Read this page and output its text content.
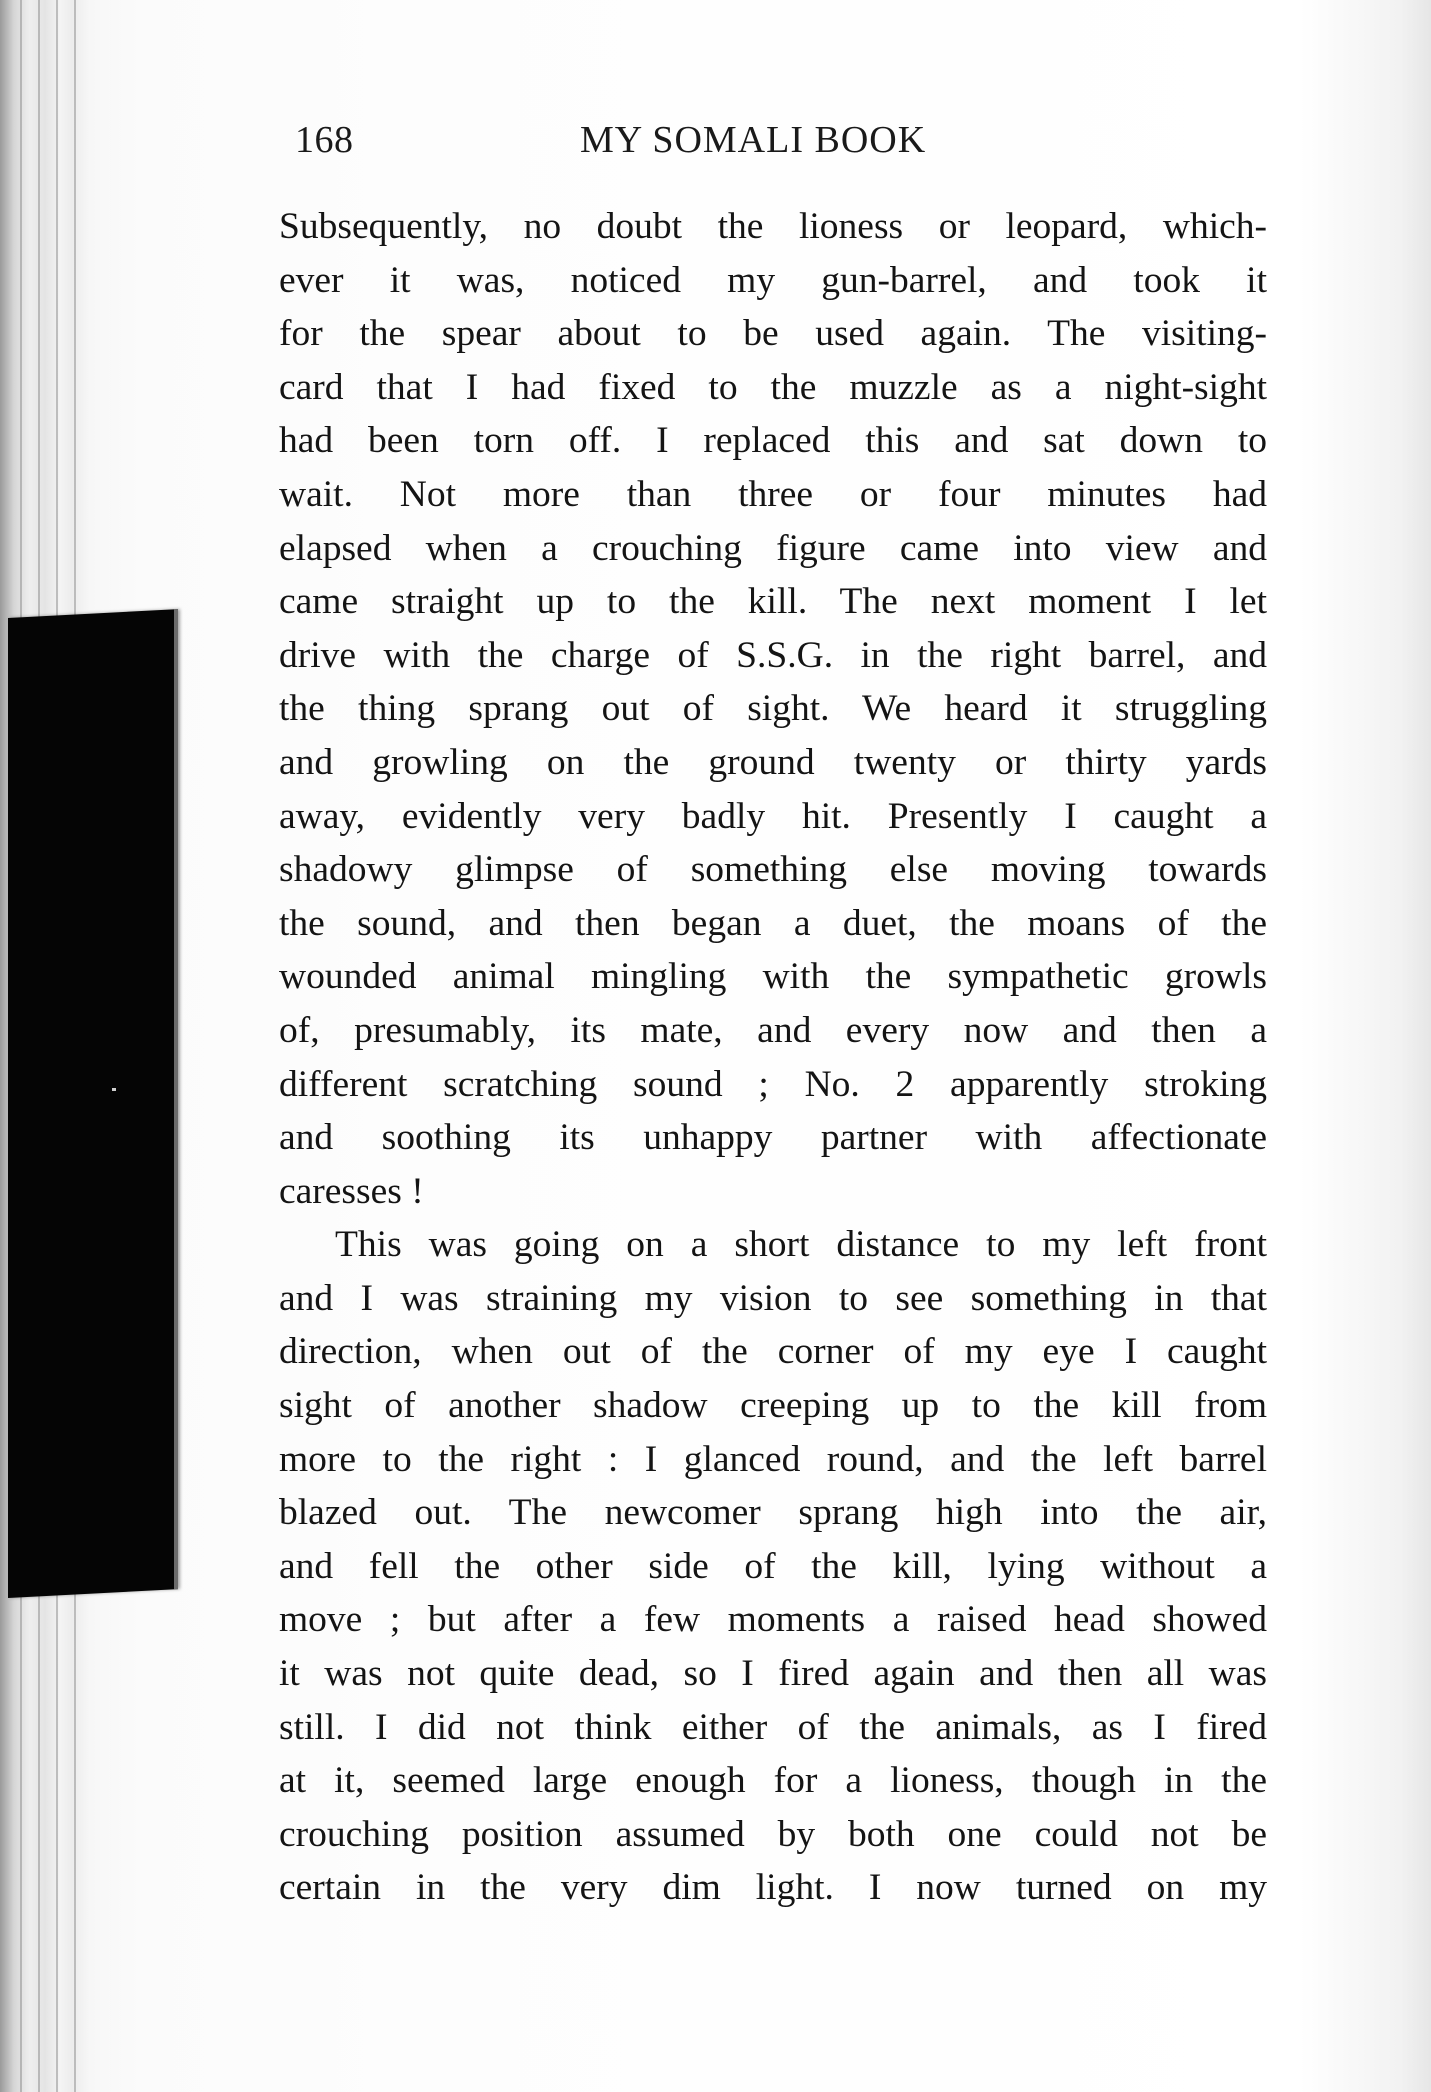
168	MY SOMALI BOOK
Subsequently, no doubt the lioness or leopard, which-
ever it was, noticed my gun-barrel, and took it
for the spear about to be used again. The visiting-
card that I had fixed to the muzzle as a night-sight
had been torn off. I replaced this and sat down to
wait. Not more than three or four minutes had
elapsed when a crouching figure came into view and
came straight up to the kill. The next moment I let
drive with the charge of S.S.G. in the right barrel, and
the thing sprang out of sight. We heard it struggling
and growling on the ground twenty or thirty yards
away, evidently very badly hit. Presently I caught a
shadowy glimpse of something else moving towards
the sound, and then began a duet, the moans of the
wounded animal mingling with the sympathetic growls
of, presumably, its mate, and every now and then a
different scratching sound ; No. 2 apparently stroking
and soothing its unhappy partner with affectionate
caresses !
This was going on a short distance to my left front
and I was straining my vision to see something in that
direction, when out of the corner of my eye I caught
sight of another shadow creeping up to the kill from
more to the right : I glanced round, and the left barrel
blazed out. The newcomer sprang high into the air,
and fell the other side of the kill, lying without a
move ; but after a few moments a raised head showed
it was not quite dead, so I fired again and then all was
still. I did not think either of the animals, as I fired
at it, seemed large enough for a lioness, though in the
crouching position assumed by both one could not be
certain in the very dim light. I now turned on my
